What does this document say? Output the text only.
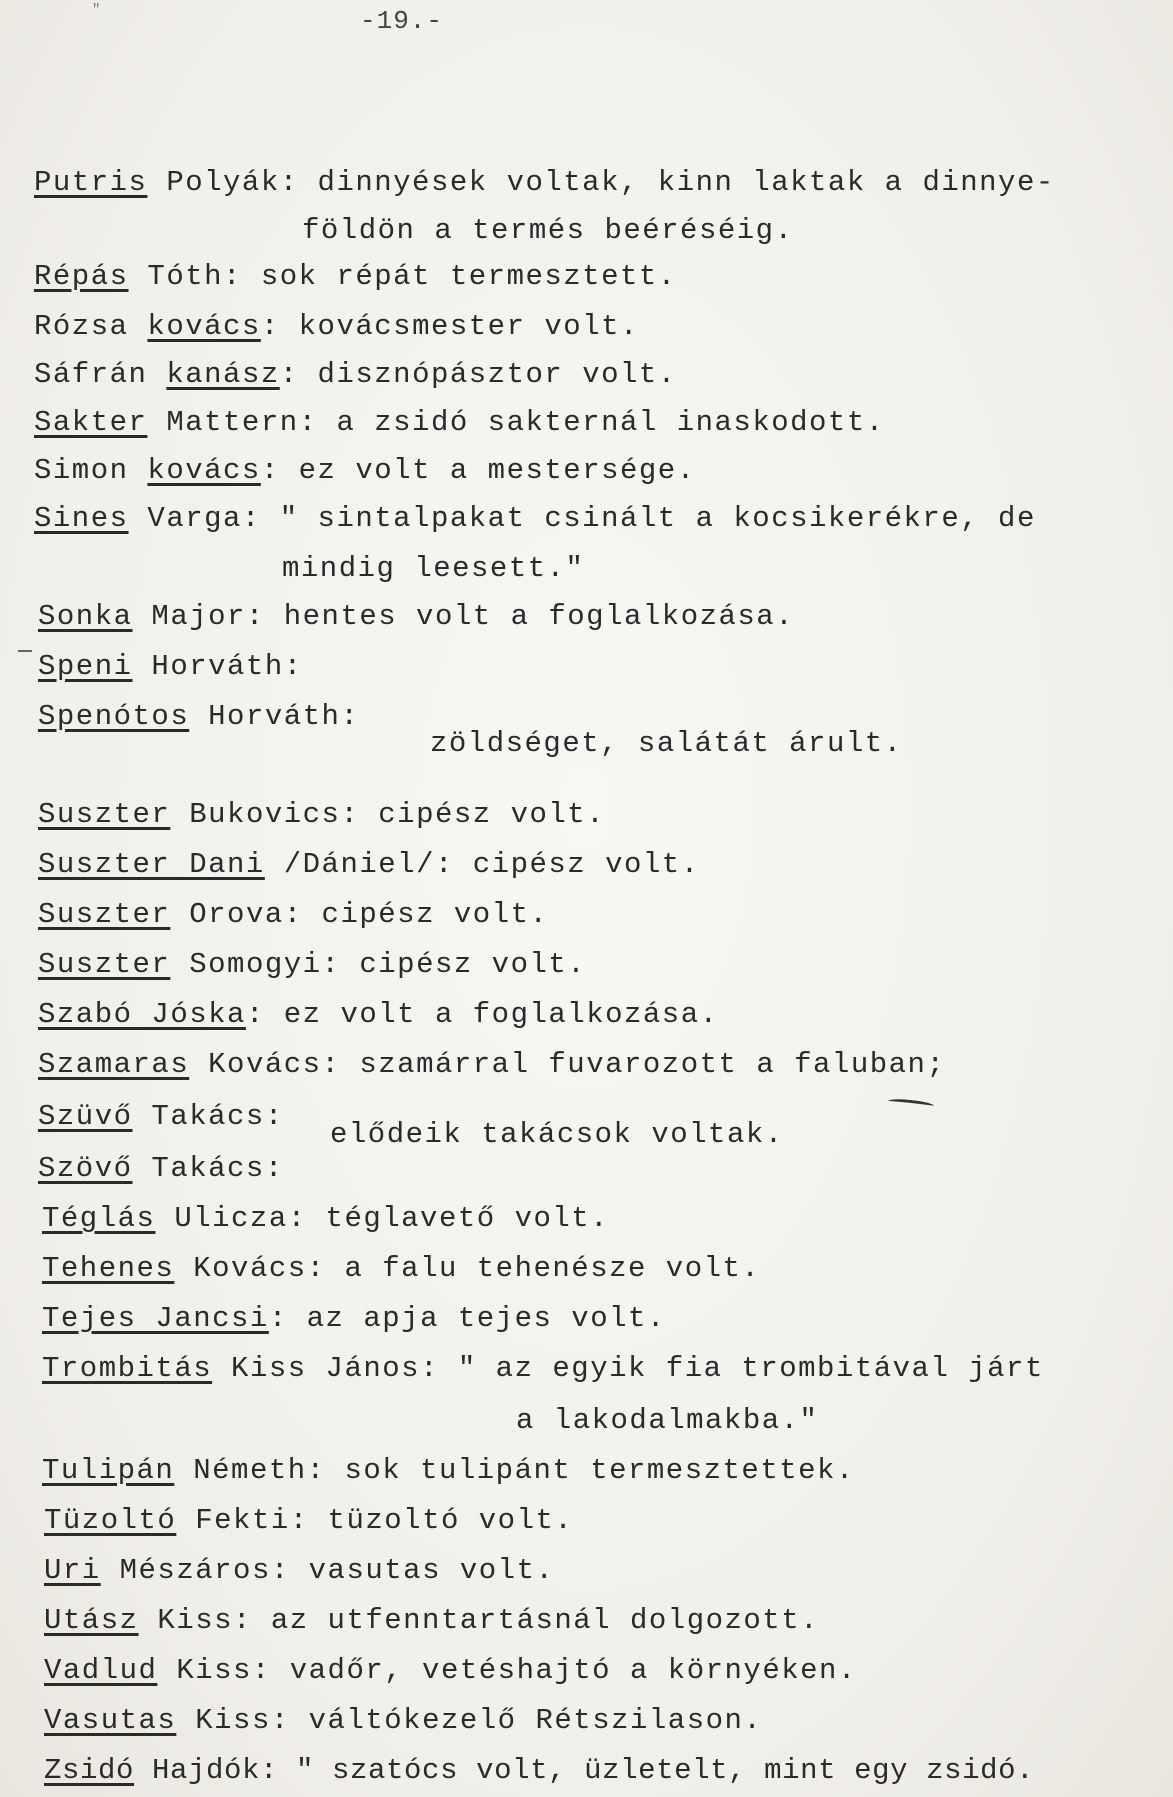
"	-19.-
Putris Polyák: dinnyések voltak, kinn laktak a dinnye-
földön a termés beéréséig.
Répás Tóth: sok répát termesztett.
Rózsa kovács: kovácsmester volt.
Sáfrán kanász: disznópásztor volt.
Sakter Mattern: a zsidó sakternál inaskodott.
Simon kovács: ez volt a mestersége.
Sines Varga: " sintalpakat csinált a kocsikerékre, de
mindig leesett."
Sonka Major: hentes volt a foglalkozása.
Speni Horváth:
Spenótos Horváth:
zöldséget, salátát árult.
Suszter Bukovics: cipész volt.
Suszter Dani /Dániel/: cipész volt.
Suszter Orova: cipész volt.
Suszter Somogyi: cipész volt.
Szabó Jóska: ez volt a foglalkozása.
Szamaras Kovács: szamárral fuvarozott a faluban;
Szüvő Takács:
Szövő Takács:
elődeik takácsok voltak.
Téglás Ulicza: téglavető volt.
Tehenes Kovács: a falu tehenésze volt.
Tejes Jancsi: az apja tejes volt.
Trombitás Kiss János: " az egyik fia trombitával járt
a lakodalmakba."
Tulipán Németh: sok tulipánt termesztettek.
Tüzoltó Fekti: tüzoltó volt.
Uri Mészáros: vasutas volt.
Utász Kiss: az utfenntartásnál dolgozott.
Vadlud Kiss: vadőr, vetéshajtó a környéken.
Vasutas Kiss: váltókezelő Rétszilason.
Zsidó Hajdók: " szatócs volt, üzletelt, mint egy zsidó.
